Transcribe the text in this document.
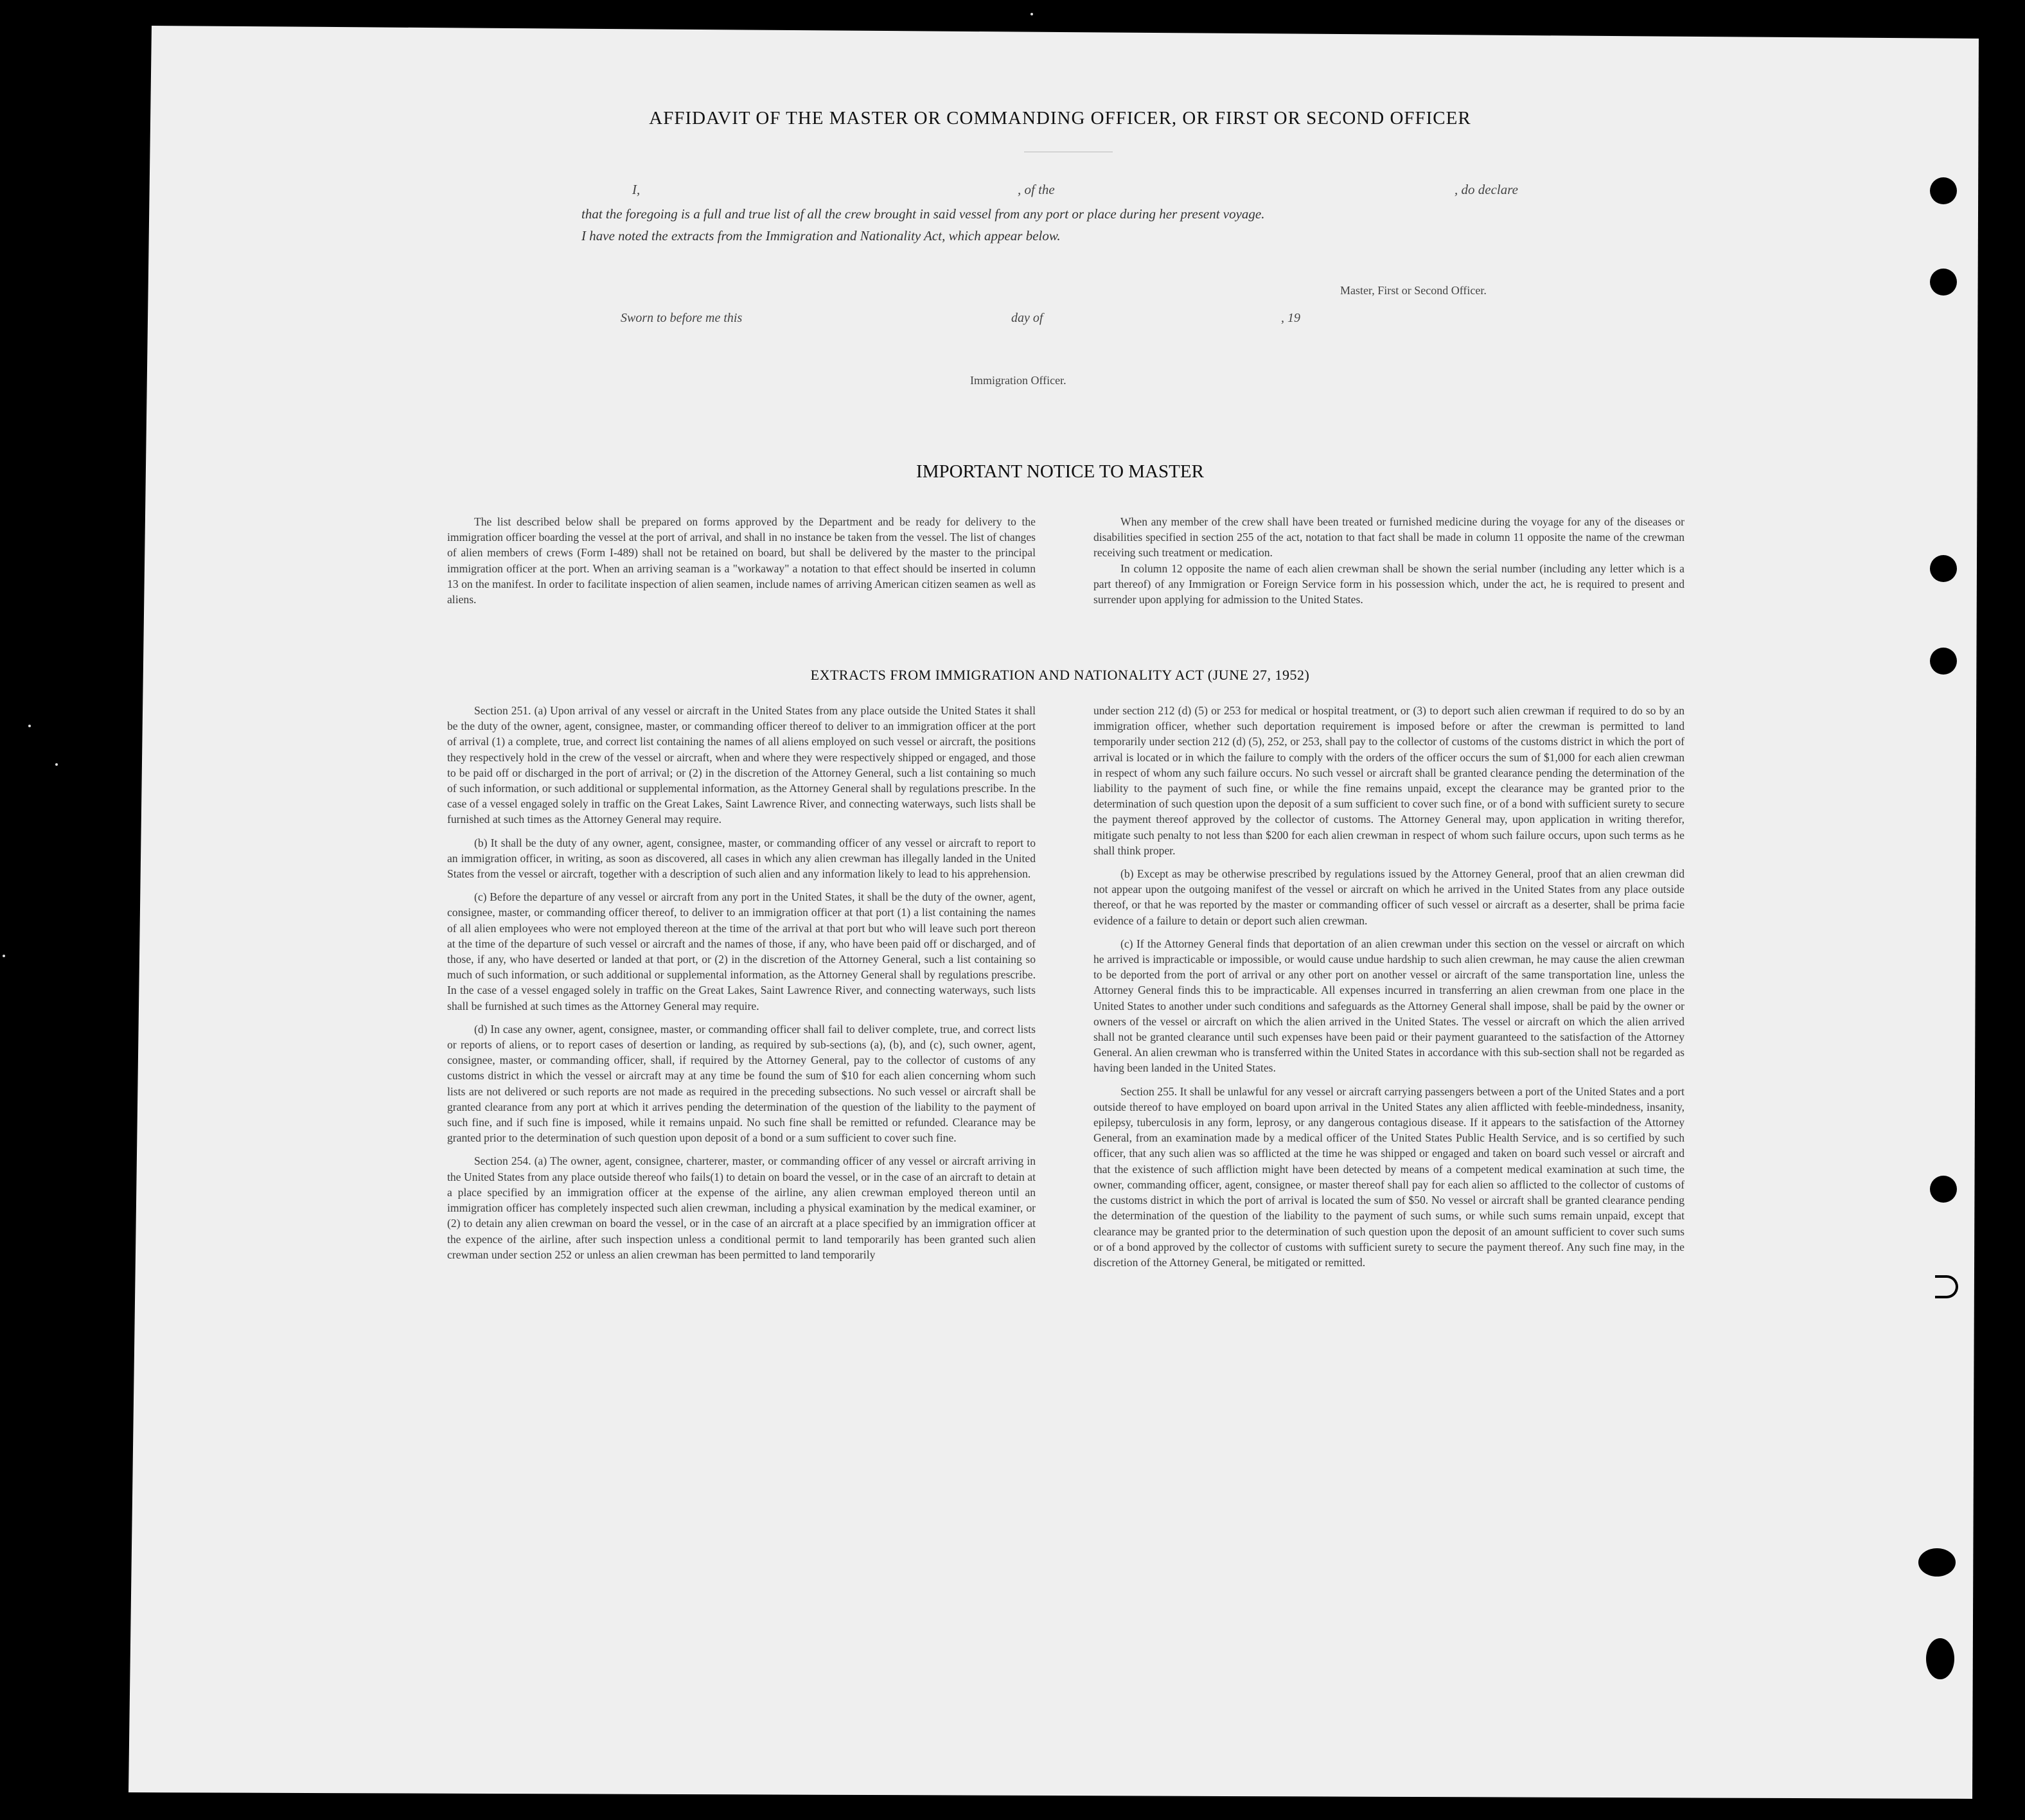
AFFIDAVIT OF THE MASTER OR COMMANDING OFFICER, OR FIRST OR SECOND OFFICER
I,	, of the	, do declare
that the foregoing is a full and true list of all the crew brought in said vessel from any port or place during her present voyage.
I have noted the extracts from the Immigration and Nationality Act, which appear below.
Master, First or Second Officer.
Sworn to before me this	day of	, 19
Immigration Officer.
IMPORTANT NOTICE TO MASTER

The list described below shall be prepared on forms approved by the Department and be ready for delivery to the immigration officer boarding the vessel at the port of arrival, and shall in no instance be taken from the vessel. The list of changes of alien members of crews (Form I-489) shall not be retained on board, but shall be delivered by the master to the principal immigration officer at the port. When an arriving seaman is a "workaway" a notation to that effect should be inserted in column 13 on the manifest. In order to facilitate inspection of alien seamen, include names of arriving American citizen seamen as well as aliens.

When any member of the crew shall have been treated or furnished medicine during the voyage for any of the diseases or disabilities specified in section 255 of the act, notation to that fact shall be made in column 11 opposite the name of the crewman receiving such treatment or medication.

In column 12 opposite the name of each alien crewman shall be shown the serial number (including any letter which is a part thereof) of any Immigration or Foreign Service form in his possession which, under the act, he is required to present and surrender upon applying for admission to the United States.

EXTRACTS FROM IMMIGRATION AND NATIONALITY ACT (JUNE 27, 1952)

Section 251. (a) Upon arrival of any vessel or aircraft in the United States from any place outside the United States it shall be the duty of the owner, agent, consignee, master, or commanding officer thereof to deliver to an immigration officer at the port of arrival (1) a complete, true, and correct list containing the names of all aliens employed on such vessel or aircraft, the positions they respectively hold in the crew of the vessel or aircraft, when and where they were respectively shipped or engaged, and those to be paid off or discharged in the port of arrival; or (2) in the discretion of the Attorney General, such a list containing so much of such information, or such additional or supplemental information, as the Attorney General shall by regulations prescribe. In the case of a vessel engaged solely in traffic on the Great Lakes, Saint Lawrence River, and connecting waterways, such lists shall be furnished at such times as the Attorney General may require.

(b) It shall be the duty of any owner, agent, consignee, master, or commanding officer of any vessel or aircraft to report to an immigration officer, in writing, as soon as discovered, all cases in which any alien crewman has illegally landed in the United States from the vessel or aircraft, together with a description of such alien and any information likely to lead to his apprehension.

(c) Before the departure of any vessel or aircraft from any port in the United States, it shall be the duty of the owner, agent, consignee, master, or commanding officer thereof, to deliver to an immigration officer at that port (1) a list containing the names of all alien employees who were not employed thereon at the time of the arrival at that port but who will leave such port thereon at the time of the departure of such vessel or aircraft and the names of those, if any, who have been paid off or discharged, and of those, if any, who have deserted or landed at that port, or (2) in the discretion of the Attorney General, such a list containing so much of such information, or such additional or supplemental information, as the Attorney General shall by regulations prescribe. In the case of a vessel engaged solely in traffic on the Great Lakes, Saint Lawrence River, and connecting waterways, such lists shall be furnished at such times as the Attorney General may require.

(d) In case any owner, agent, consignee, master, or commanding officer shall fail to deliver complete, true, and correct lists or reports of aliens, or to report cases of desertion or landing, as required by sub-sections (a), (b), and (c), such owner, agent, consignee, master, or commanding officer, shall, if required by the Attorney General, pay to the collector of customs of any customs district in which the vessel or aircraft may at any time be found the sum of $10 for each alien concerning whom such lists are not delivered or such reports are not made as required in the preceding subsections. No such vessel or aircraft shall be granted clearance from any port at which it arrives pending the determination of the question of the liability to the payment of such fine, and if such fine is imposed, while it remains unpaid. No such fine shall be remitted or refunded. Clearance may be granted prior to the determination of such question upon deposit of a bond or a sum sufficient to cover such fine.

Section 254. (a) The owner, agent, consignee, charterer, master, or commanding officer of any vessel or aircraft arriving in the United States from any place outside thereof who fails(1) to detain on board the vessel, or in the case of an aircraft to detain at a place specified by an immigration officer at the expense of the airline, any alien crewman employed thereon until an immigration officer has completely inspected such alien crewman, including a physical examination by the medical examiner, or (2) to detain any alien crewman on board the vessel, or in the case of an aircraft at a place specified by an immigration officer at the expence of the airline, after such inspection unless a conditional permit to land temporarily has been granted such alien crewman under section 252 or unless an alien crewman has been permitted to land temporarily

under section 212 (d) (5) or 253 for medical or hospital treatment, or (3) to deport such alien crewman if required to do so by an immigration officer, whether such deportation requirement is imposed before or after the crewman is permitted to land temporarily under section 212 (d) (5), 252, or 253, shall pay to the collector of customs of the customs district in which the port of arrival is located or in which the failure to comply with the orders of the officer occurs the sum of $1,000 for each alien crewman in respect of whom any such failure occurs. No such vessel or aircraft shall be granted clearance pending the determination of the liability to the payment of such fine, or while the fine remains unpaid, except the clearance may be granted prior to the determination of such question upon the deposit of a sum sufficient to cover such fine, or of a bond with sufficient surety to secure the payment thereof approved by the collector of customs. The Attorney General may, upon application in writing therefor, mitigate such penalty to not less than $200 for each alien crewman in respect of whom such failure occurs, upon such terms as he shall think proper.

(b) Except as may be otherwise prescribed by regulations issued by the Attorney General, proof that an alien crewman did not appear upon the outgoing manifest of the vessel or aircraft on which he arrived in the United States from any place outside thereof, or that he was reported by the master or commanding officer of such vessel or aircraft as a deserter, shall be prima facie evidence of a failure to detain or deport such alien crewman.

(c) If the Attorney General finds that deportation of an alien crewman under this section on the vessel or aircraft on which he arrived is impracticable or impossible, or would cause undue hardship to such alien crewman, he may cause the alien crewman to be deported from the port of arrival or any other port on another vessel or aircraft of the same transportation line, unless the Attorney General finds this to be impracticable. All expenses incurred in transferring an alien crewman from one place in the United States to another under such conditions and safeguards as the Attorney General shall impose, shall be paid by the owner or owners of the vessel or aircraft on which the alien arrived in the United States. The vessel or aircraft on which the alien arrived shall not be granted clearance until such expenses have been paid or their payment guaranteed to the satisfaction of the Attorney General. An alien crewman who is transferred within the United States in accordance with this sub-section shall not be regarded as having been landed in the United States.

Section 255. It shall be unlawful for any vessel or aircraft carrying passengers between a port of the United States and a port outside thereof to have employed on board upon arrival in the United States any alien afflicted with feeble-mindedness, insanity, epilepsy, tuberculosis in any form, leprosy, or any dangerous contagious disease. If it appears to the satisfaction of the Attorney General, from an examination made by a medical officer of the United States Public Health Service, and is so certified by such officer, that any such alien was so afflicted at the time he was shipped or engaged and taken on board such vessel or aircraft and that the existence of such affliction might have been detected by means of a competent medical examination at such time, the owner, commanding officer, agent, consignee, or master thereof shall pay for each alien so afflicted to the collector of customs of the customs district in which the port of arrival is located the sum of $50. No vessel or aircraft shall be granted clearance pending the determination of the question of the liability to the payment of such sums, or while such sums remain unpaid, except that clearance may be granted prior to the determination of such question upon the deposit of an amount sufficient to cover such sums or of a bond approved by the collector of customs with sufficient surety to secure the payment thereof. Any such fine may, in the discretion of the Attorney General, be mitigated or remitted.
